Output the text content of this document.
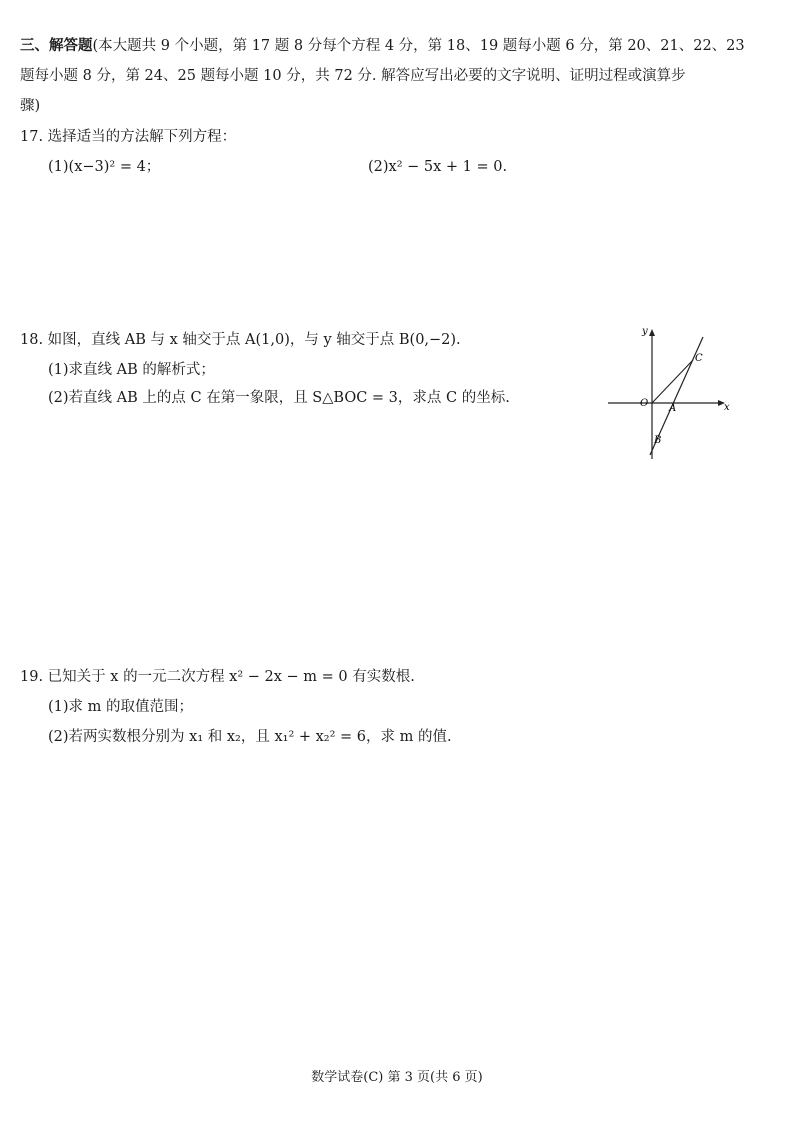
三、解答题(本大题共 9 个小题，第 17 题 8 分每个方程 4 分，第 18、19 题每小题 6 分，第 20、21、22、23
题每小题 8 分，第 24、25 题每小题 10 分，共 72 分. 解答应写出必要的文字说明、证明过程或演算步
骤)
17. 选择适当的方法解下列方程：
(1)(x−3)² = 4；	(2)x² − 5x + 1 = 0.
18. 如图，直线 AB 与 x 轴交于点 A(1,0)，与 y 轴交于点 B(0,−2).
(1)求直线 AB 的解析式；
(2)若直线 AB 上的点 C 在第一象限，且 S△BOC = 3，求点 C 的坐标.
y
x
O A
B
C
19. 已知关于 x 的一元二次方程 x² − 2x − m = 0 有实数根.
(1)求 m 的取值范围；
(2)若两实数根分别为 x₁ 和 x₂，且 x₁² + x₂² = 6，求 m 的值.
数学试卷(C) 第 3 页(共 6 页)
